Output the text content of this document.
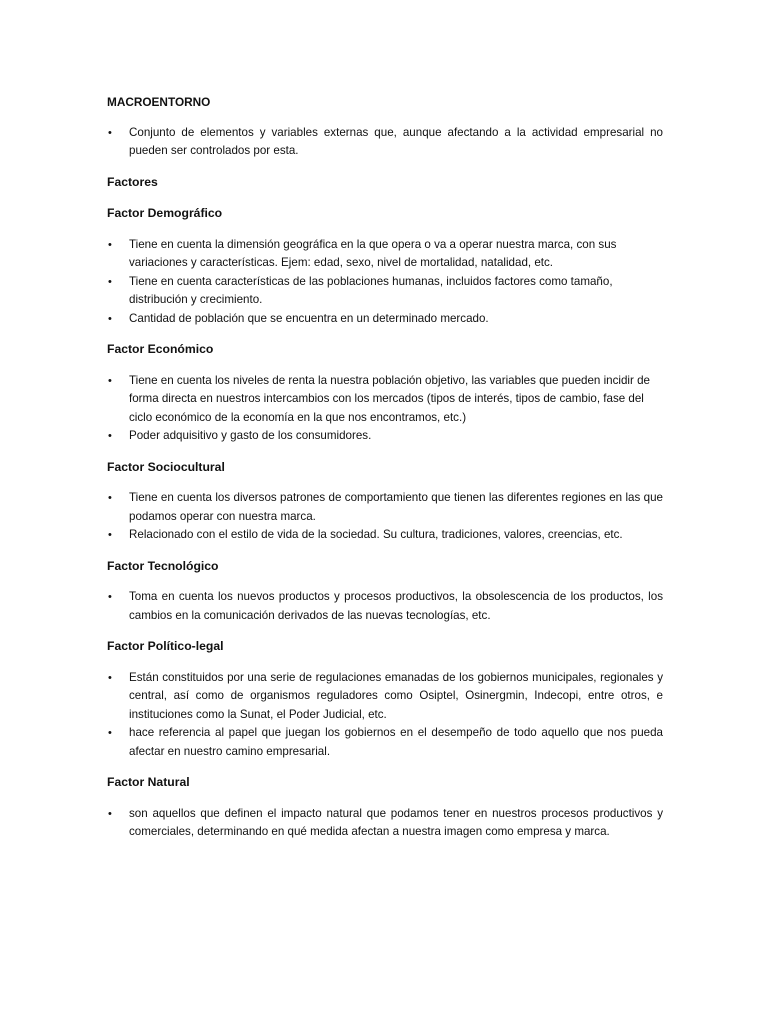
MACROENTORNO
• Conjunto de elementos y variables externas que, aunque afectando a la actividad empresarial no pueden ser controlados por esta.
Factores
Factor Demográfico
• Tiene en cuenta la dimensión geográfica en la que opera o va a operar nuestra marca, con sus variaciones y características. Ejem: edad, sexo, nivel de mortalidad, natalidad, etc.
• Tiene en cuenta características de las poblaciones humanas, incluidos factores como tamaño, distribución y crecimiento.
• Cantidad de población que se encuentra en un determinado mercado.
Factor Económico
• Tiene en cuenta los niveles de renta la nuestra población objetivo, las variables que pueden incidir de forma directa en nuestros intercambios con los mercados (tipos de interés, tipos de cambio, fase del ciclo económico de la economía en la que nos encontramos, etc.)
• Poder adquisitivo y gasto de los consumidores.
Factor Sociocultural
• Tiene en cuenta los diversos patrones de comportamiento que tienen las diferentes regiones en las que podamos operar con nuestra marca.
• Relacionado con el estilo de vida de la sociedad. Su cultura, tradiciones, valores, creencias, etc.
Factor Tecnológico
• Toma en cuenta los nuevos productos y procesos productivos, la obsolescencia de los productos, los cambios en la comunicación derivados de las nuevas tecnologías, etc.
Factor Político-legal
• Están constituidos por una serie de regulaciones emanadas de los gobiernos municipales, regionales y central, así como de organismos reguladores como Osiptel, Osinergmin, Indecopi, entre otros, e instituciones como la Sunat, el Poder Judicial, etc.
• hace referencia al papel que juegan los gobiernos en el desempeño de todo aquello que nos pueda afectar en nuestro camino empresarial.
Factor Natural
• son aquellos que definen el impacto natural que podamos tener en nuestros procesos productivos y comerciales, determinando en qué medida afectan a nuestra imagen como empresa y marca.
